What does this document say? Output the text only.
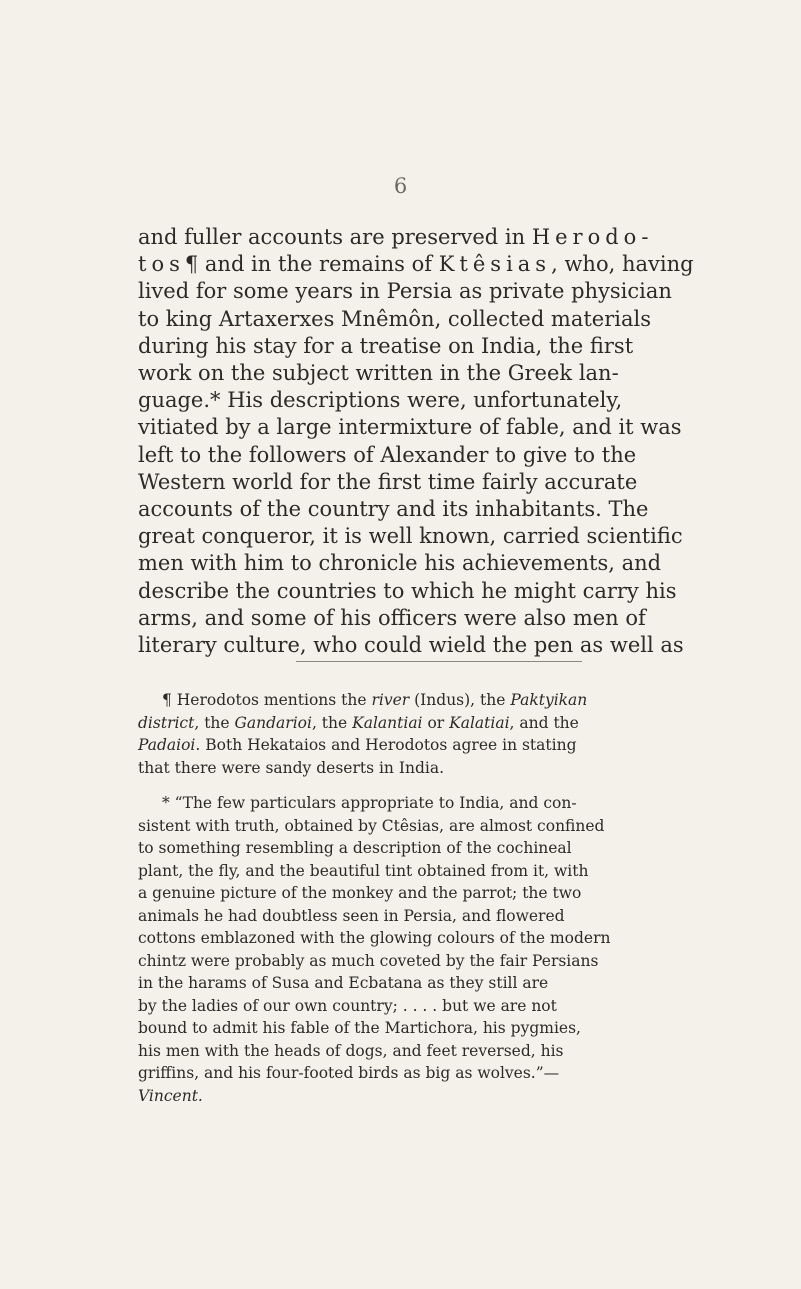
6

and fuller accounts are preserved in Herodo-
tos¶ and in the remains of Ktêsias, who, having
lived for some years in Persia as private physician
to king Artaxerxes Mnêmôn, collected materials
during his stay for a treatise on India, the first
work on the subject written in the Greek lan-
guage.* His descriptions were, unfortunately,
vitiated by a large intermixture of fable, and it was
left to the followers of Alexander to give to the
Western world for the first time fairly accurate
accounts of the country and its inhabitants. The
great conqueror, it is well known, carried scientific
men with him to chronicle his achievements, and
describe the countries to which he might carry his
arms, and some of his officers were also men of
literary culture, who could wield the pen as well as
¶ Herodotos mentions the river (Indus), the Paktyikan
district, the Gandarioi, the Kalantiai or Kalatiai, and the
Padaioi. Both Hekataios and Herodotos agree in stating
that there were sandy deserts in India.
* “The few particulars appropriate to India, and con-
sistent with truth, obtained by Ctêsias, are almost confined
to something resembling a description of the cochineal
plant, the fly, and the beautiful tint obtained from it, with
a genuine picture of the monkey and the parrot; the two
animals he had doubtless seen in Persia, and flowered
cottons emblazoned with the glowing colours of the modern
chintz were probably as much coveted by the fair Persians
in the harams of Susa and Ecbatana as they still are
by the ladies of our own country; . . . . but we are not
bound to admit his fable of the Martichora, his pygmies,
his men with the heads of dogs, and feet reversed, his
griffins, and his four-footed birds as big as wolves.”—
Vincent.
